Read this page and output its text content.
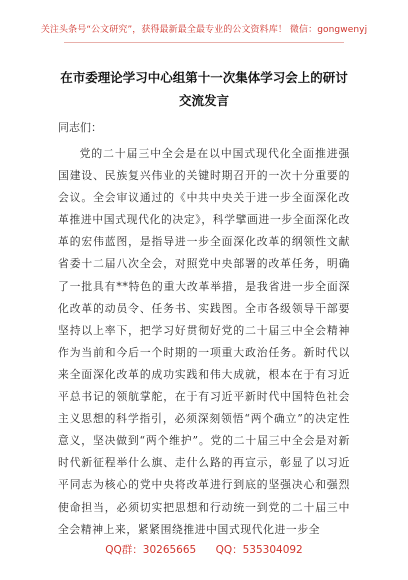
关注头条号“公文研究”，获得最新最全最专业的公文资料库！ 微信：gongwenyj
在市委理论学习中心组第十一次集体学习会上的研讨交流发言
同志们：
党的二十届三中全会是在以中国式现代化全面推进强国建设、民族复兴伟业的关键时期召开的一次十分重要的会议。全会审议通过的《中共中央关于进一步全面深化改革推进中国式现代化的决定》，科学擘画进一步全面深化改革的宏伟蓝图，是指导进一步全面深化改革的纲领性文献省委十二届八次全会，对照党中央部署的改革任务，明确了一批具有**特色的重大改革举措，是我省进一步全面深化改革的动员令、任务书、实践图。全市各级领导干部要坚持以上率下，把学习好贯彻好党的二十届三中全会精神作为当前和今后一个时期的一项重大政治任务。新时代以来全面深化改革的成功实践和伟大成就，根本在于有习近平总书记的领航掌舵，在于有习近平新时代中国特色社会主义思想的科学指引，必须深刻领悟“两个确立”的决定性意义，坚决做到“两个维护”。党的二十届三中全会是对新时代新征程举什么旗、走什么路的再宣示，彰显了以习近平同志为核心的党中央将改革进行到底的坚强决心和强烈使命担当，必须切实把思想和行动统一到党的二十届三中全会精神上来，紧紧围绕推进中国式现代化进一步全
QQ群：30265665 QQ：535304092
